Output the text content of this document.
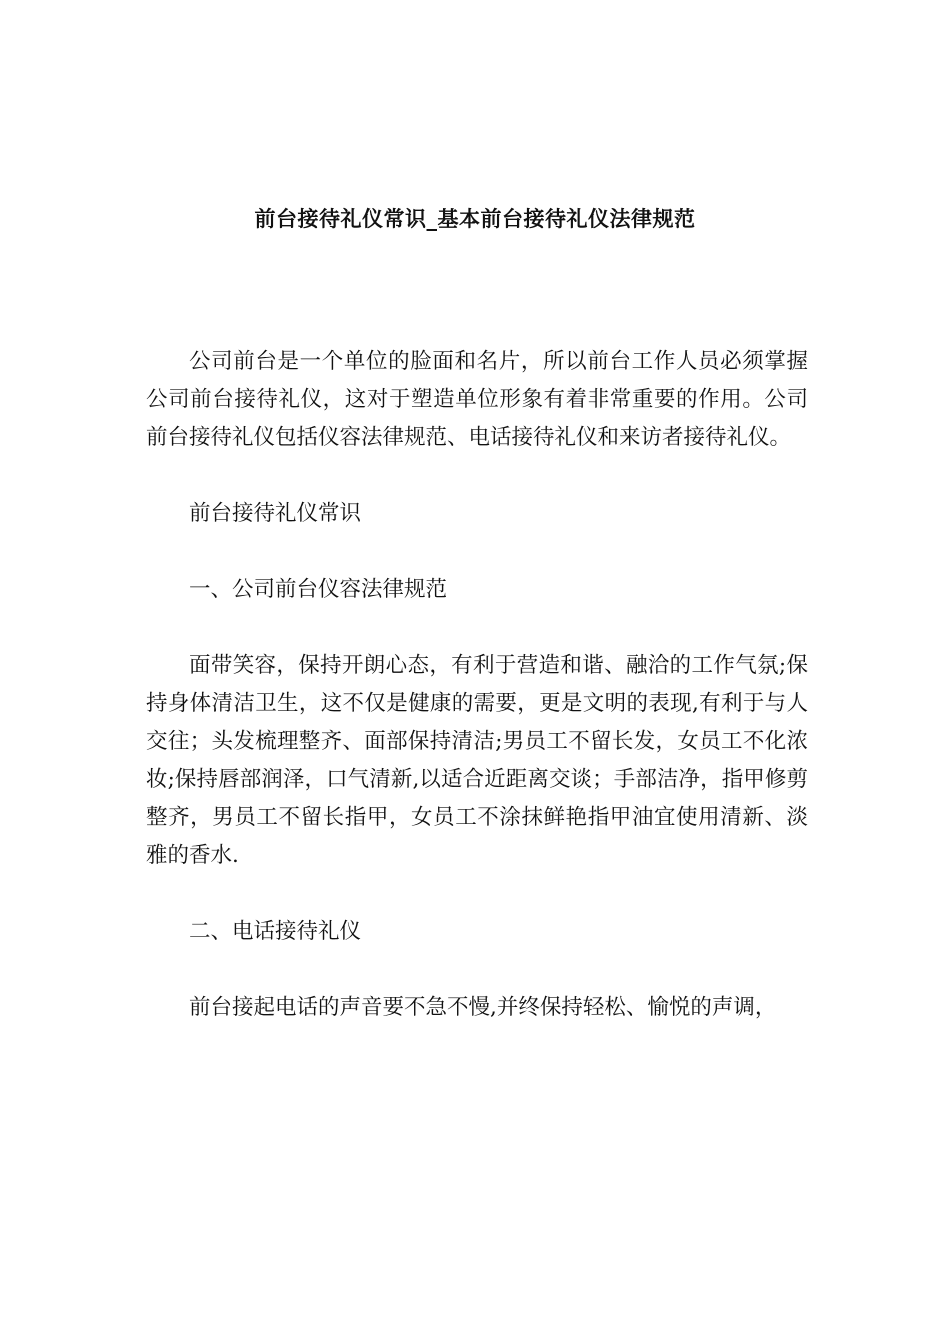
前台接待礼仪常识_基本前台接待礼仪法律规范

公司前台是一个单位的脸面和名片，所以前台工作人员必须掌握公司前台接待礼仪，这对于塑造单位形象有着非常重要的作用。公司前台接待礼仪包括仪容法律规范、电话接待礼仪和来访者接待礼仪。

前台接待礼仪常识

一、公司前台仪容法律规范

面带笑容，保持开朗心态，有利于营造和谐、融洽的工作气氛;保持身体清洁卫生，这不仅是健康的需要，更是文明的表现,有利于与人交往；头发梳理整齐、面部保持清洁;男员工不留长发，女员工不化浓妆;保持唇部润泽，口气清新,以适合近距离交谈；手部洁净，指甲修剪整齐，男员工不留长指甲，女员工不涂抹鲜艳指甲油宜使用清新、淡雅的香水.

二、电话接待礼仪

前台接起电话的声音要不急不慢,并终保持轻松、愉悦的声调，
